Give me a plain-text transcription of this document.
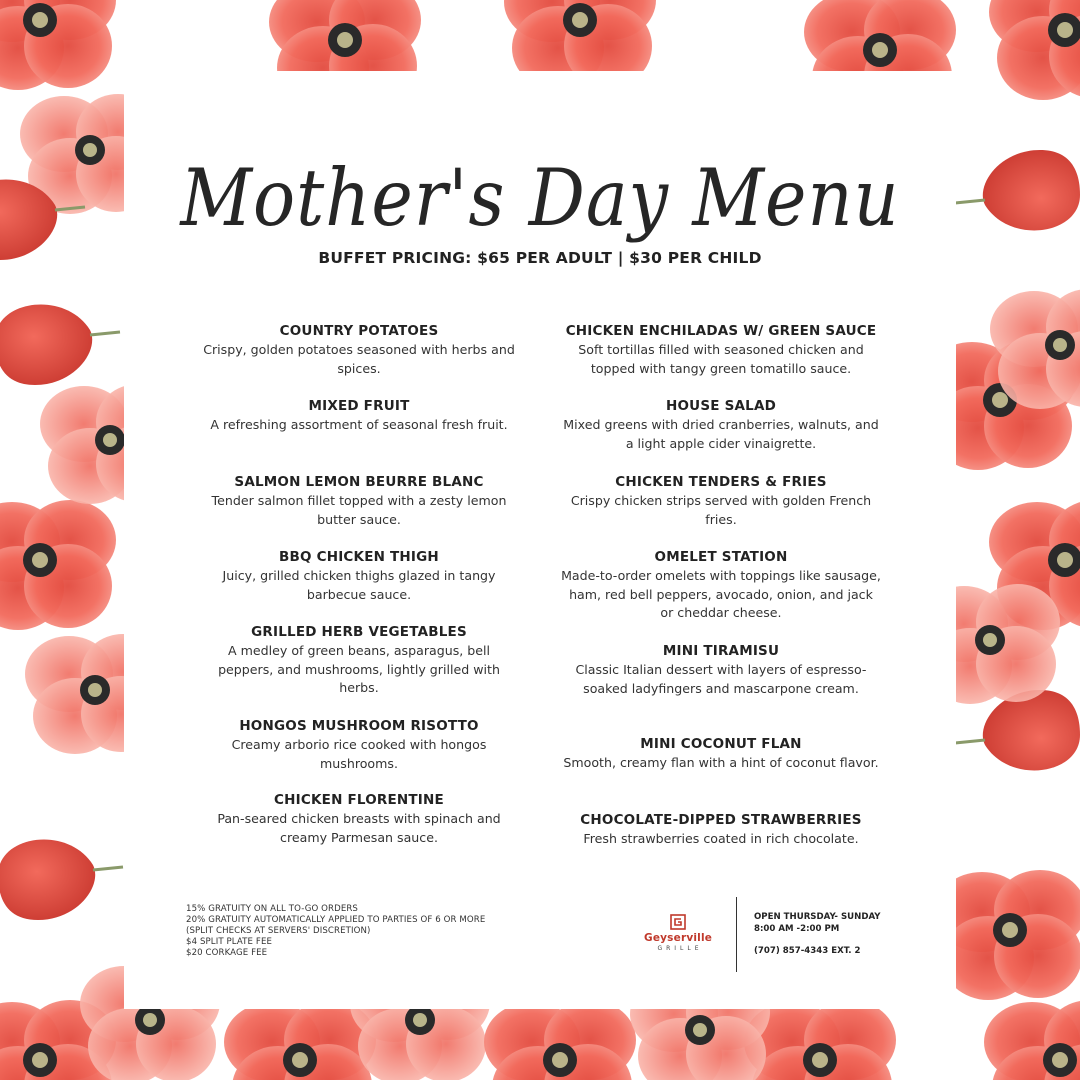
Mother's Day Menu
BUFFET PRICING: $65 PER ADULT | $30 PER CHILD
COUNTRY POTATOES
Crispy, golden potatoes seasoned with herbs and spices.
MIXED FRUIT
A refreshing assortment of seasonal fresh fruit.
SALMON LEMON BEURRE BLANC
Tender salmon fillet topped with a zesty lemon butter sauce.
BBQ CHICKEN THIGH
Juicy, grilled chicken thighs glazed in tangy barbecue sauce.
GRILLED HERB VEGETABLES
A medley of green beans, asparagus, bell peppers, and mushrooms, lightly grilled with herbs.
HONGOS MUSHROOM RISOTTO
Creamy arborio rice cooked with hongos mushrooms.
CHICKEN FLORENTINE
Pan-seared chicken breasts with spinach and creamy Parmesan sauce.
CHICKEN ENCHILADAS W/ GREEN SAUCE
Soft tortillas filled with seasoned chicken and topped with tangy green tomatillo sauce.
HOUSE SALAD
Mixed greens with dried cranberries, walnuts, and a light apple cider vinaigrette.
CHICKEN TENDERS & FRIES
Crispy chicken strips served with golden French fries.
OMELET STATION
Made-to-order omelets with toppings like sausage, ham, red bell peppers, avocado, onion, and jack or cheddar cheese.
MINI TIRAMISU
Classic Italian dessert with layers of espresso-soaked ladyfingers and mascarpone cream.
MINI COCONUT FLAN
Smooth, creamy flan with a hint of coconut flavor.
CHOCOLATE-DIPPED STRAWBERRIES
Fresh strawberries coated in rich chocolate.
15% GRATUITY ON ALL TO-GO ORDERS
20% GRATUITY AUTOMATICALLY APPLIED TO PARTIES OF 6 OR MORE
(SPLIT CHECKS AT SERVERS' DISCRETION)
$4 SPLIT PLATE FEE
$20 CORKAGE FEE
Geyserville
GRILLE
OPEN THURSDAY- SUNDAY
8:00 AM -2:00 PM
(707) 857-4343 EXT. 2
